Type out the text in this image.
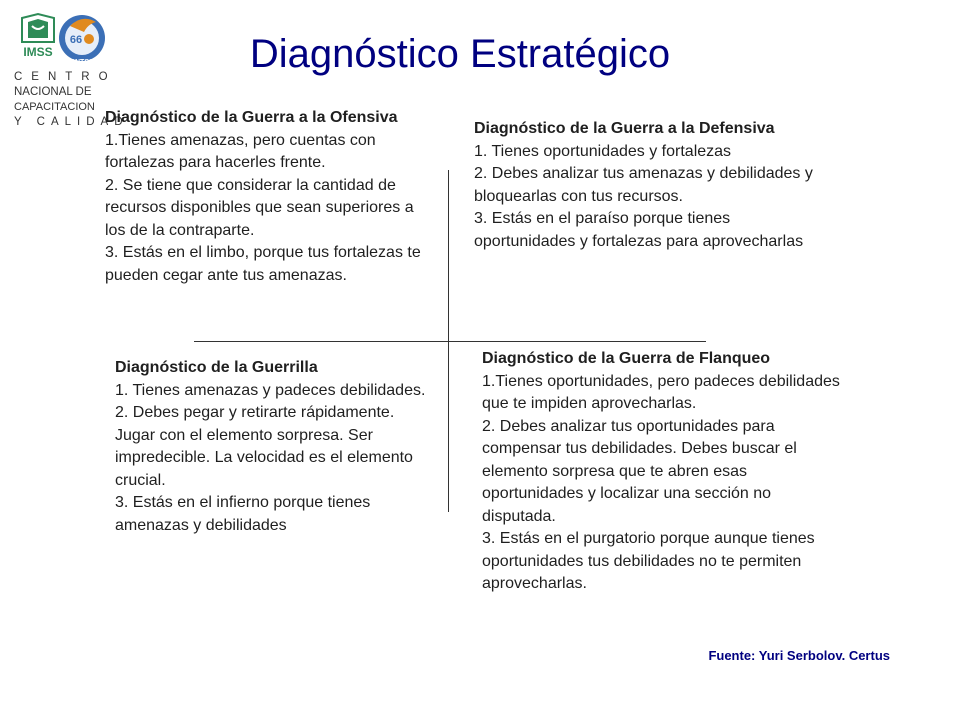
IMSS
66
SNTSS
CENTRO
NACIONAL DE
CAPACITACION
Y CALIDAD
Diagnóstico Estratégico
Diagnóstico de la Guerra a la Ofensiva
1.Tienes amenazas, pero cuentas con fortalezas para hacerles frente.
2. Se tiene que considerar la cantidad de recursos disponibles que sean superiores a los de la contraparte.
3. Estás en el limbo, porque tus fortalezas te pueden cegar ante tus amenazas.
Diagnóstico de la Guerra a la Defensiva
1. Tienes oportunidades y fortalezas
2. Debes analizar tus amenazas y debilidades y bloquearlas con tus recursos.
3. Estás en el paraíso porque tienes oportunidades y fortalezas para aprovecharlas
Diagnóstico de la Guerrilla
1. Tienes amenazas y padeces debilidades.
2. Debes pegar y retirarte rápidamente. Jugar con el elemento sorpresa. Ser impredecible. La velocidad es el elemento crucial.
3. Estás en el infierno porque tienes amenazas y debilidades
Diagnóstico de la Guerra de Flanqueo
1.Tienes oportunidades, pero padeces debilidades que te impiden aprovecharlas.
2. Debes analizar tus oportunidades para compensar tus debilidades. Debes buscar el elemento sorpresa que te abren esas oportunidades y localizar una sección no disputada.
3. Estás en el purgatorio porque aunque tienes oportunidades tus debilidades no te permiten aprovecharlas.
Fuente: Yuri Serbolov. Certus
